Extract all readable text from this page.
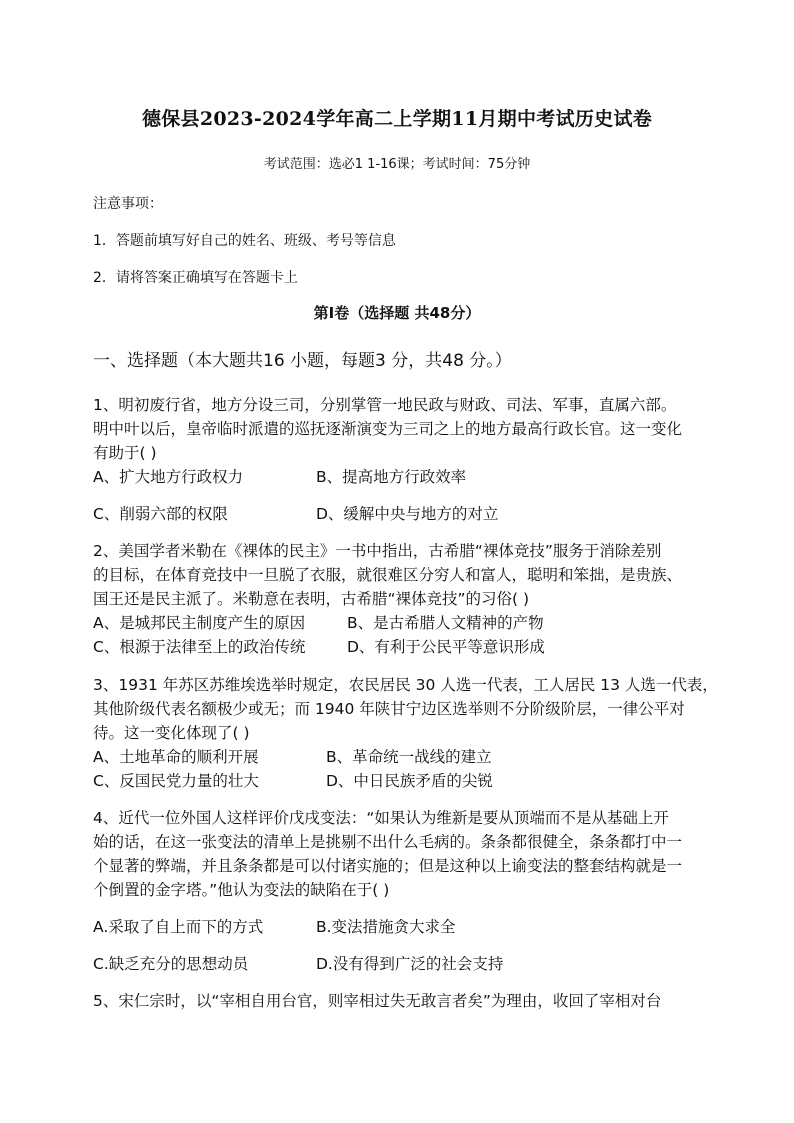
德保县2023-2024学年高二上学期11月期中考试历史试卷
考试范围：选必1 1-16课；考试时间：75分钟
注意事项：
1．答题前填写好自己的姓名、班级、考号等信息
2．请将答案正确填写在答题卡上
第I卷（选择题 共48分）
一、选择题（本大题共16 小题，每题3 分，共48 分。）
1、明初废行省，地方分设三司，分别掌管一地民政与财政、司法、军事，直属六部。
明中叶以后，皇帝临时派遣的巡抚逐渐演变为三司之上的地方最高行政长官。这一变化
有助于( )
A、扩大地方行政权力	B、提高地方行政效率
C、削弱六部的权限	D、缓解中央与地方的对立
2、美国学者米勒在《裸体的民主》一书中指出，古希腊“裸体竞技”服务于消除差别
的目标，在体育竞技中一旦脱了衣服，就很难区分穷人和富人，聪明和笨拙，是贵族、
国王还是民主派了。米勒意在表明，古希腊“裸体竞技”的习俗( )
A、是城邦民主制度产生的原因	B、是古希腊人文精神的产物
C、根源于法律至上的政治传统	D、有利于公民平等意识形成
3、1931 年苏区苏维埃选举时规定，农民居民 30 人选一代表，工人居民 13 人选一代表，
其他阶级代表名额极少或无；而 1940 年陕甘宁边区选举则不分阶级阶层，一律公平对
待。这一变化体现了( )
A、土地革命的顺利开展	B、革命统一战线的建立
C、反国民党力量的壮大	D、中日民族矛盾的尖锐
4、近代一位外国人这样评价戊戌变法：“如果认为维新是要从顶端而不是从基础上开
始的话，在这一张变法的清单上是挑剔不出什么毛病的。条条都很健全，条条都打中一
个显著的弊端，并且条条都是可以付诸实施的；但是这种以上谕变法的整套结构就是一
个倒置的金字塔。”他认为变法的缺陷在于( )
A.采取了自上而下的方式	B.变法措施贪大求全
C.缺乏充分的思想动员	D.没有得到广泛的社会支持
5、宋仁宗时，以“宰相自用台官，则宰相过失无敢言者矣”为理由，收回了宰相对台
